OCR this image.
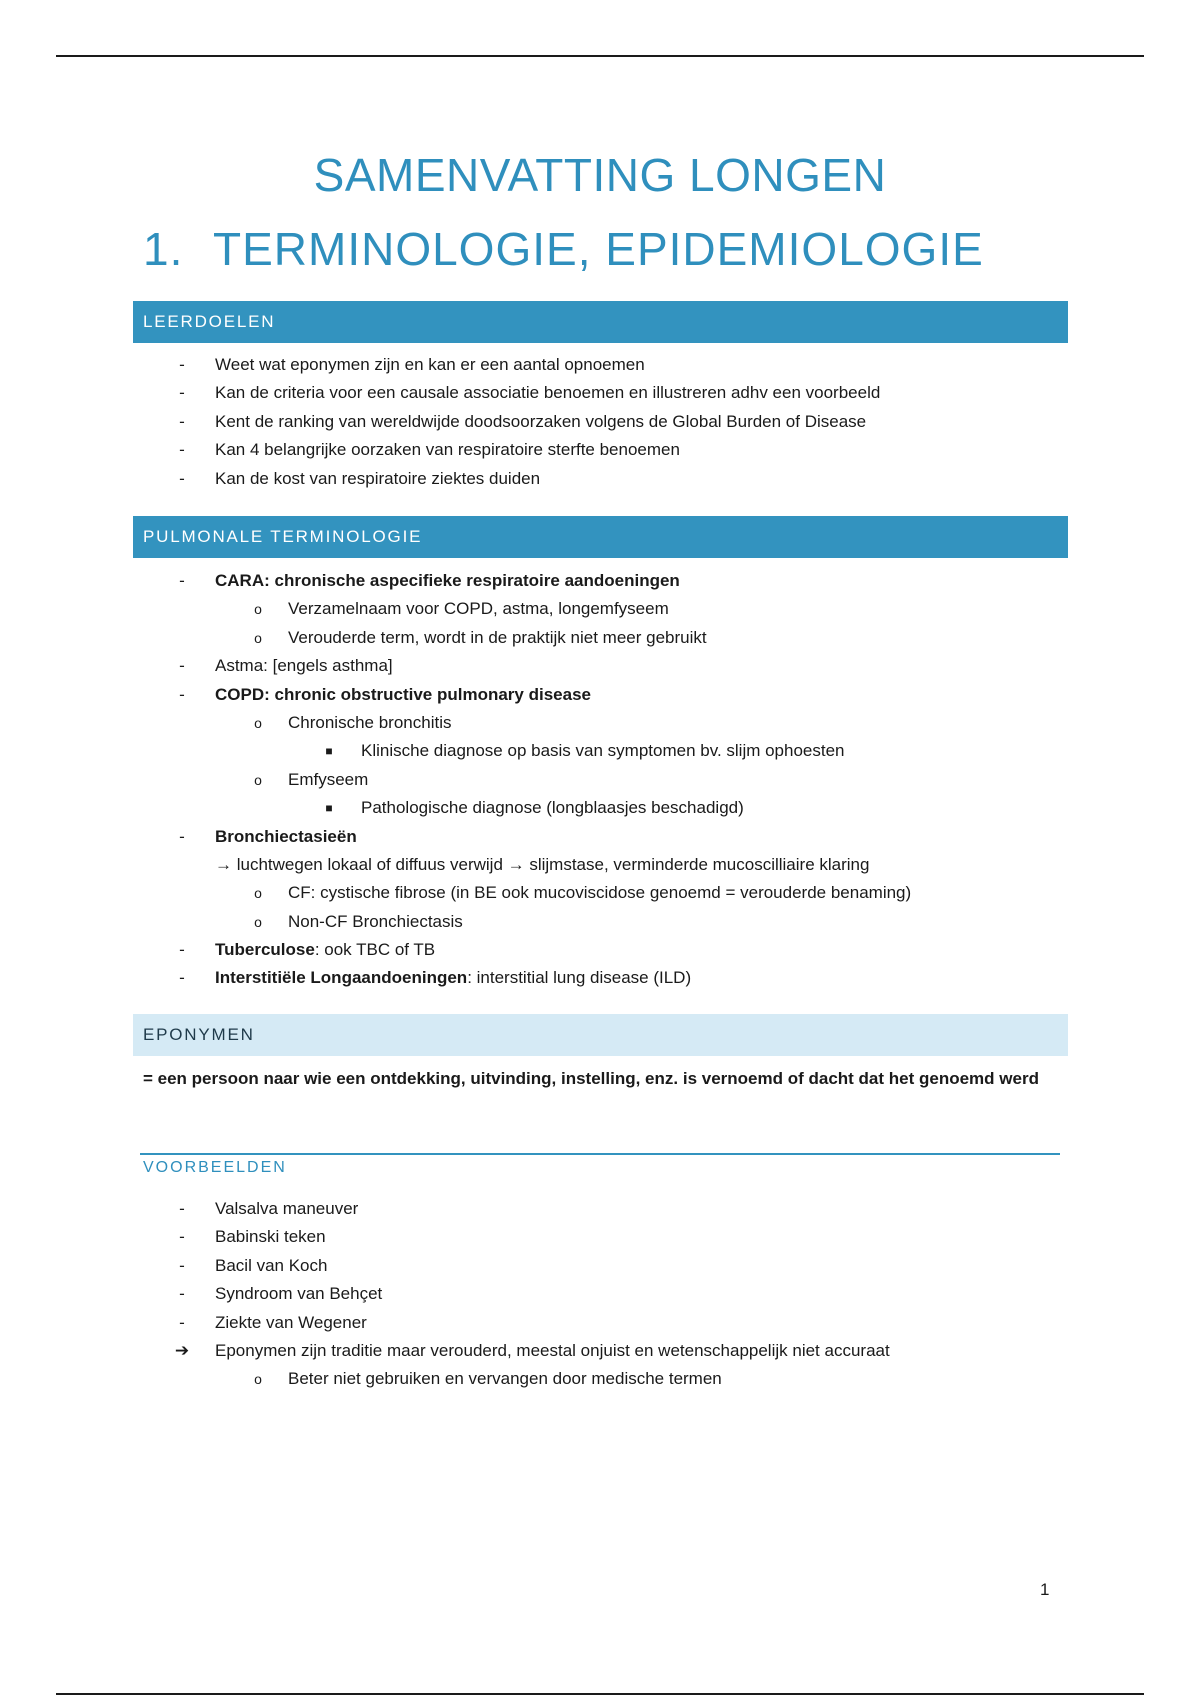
SAMENVATTING LONGEN
1. TERMINOLOGIE, EPIDEMIOLOGIE
LEERDOELEN
-	Weet wat eponymen zijn en kan er een aantal opnoemen
-	Kan de criteria voor een causale associatie benoemen en illustreren adhv een voorbeeld
-	Kent de ranking van wereldwijde doodsoorzaken volgens de Global Burden of Disease
-	Kan 4 belangrijke oorzaken van respiratoire sterfte benoemen
-	Kan de kost van respiratoire ziektes duiden
PULMONALE TERMINOLOGIE
-	CARA: chronische aspecifieke respiratoire aandoeningen
o	Verzamelnaam voor COPD, astma, longemfyseem
o	Verouderde term, wordt in de praktijk niet meer gebruikt
-	Astma: [engels asthma]
-	COPD: chronic obstructive pulmonary disease
o	Chronische bronchitis
■	Klinische diagnose op basis van symptomen bv. slijm ophoesten
o	Emfyseem
■	Pathologische diagnose (longblaasjes beschadigd)
-	Bronchiectasieën
→ luchtwegen lokaal of diffuus verwijd → slijmstase, verminderde mucoscilliaire klaring
o	CF: cystische fibrose (in BE ook mucoviscidose genoemd = verouderde benaming)
o	Non-CF Bronchiectasis
-	Tuberculose: ook TBC of TB
-	Interstitiële Longaandoeningen: interstitial lung disease (ILD)
EPONYMEN
= een persoon naar wie een ontdekking, uitvinding, instelling, enz. is vernoemd of dacht dat het genoemd werd
VOORBEELDEN
-	Valsalva maneuver
-	Babinski teken
-	Bacil van Koch
-	Syndroom van Behçet
-	Ziekte van Wegener
➔ Eponymen zijn traditie maar verouderd, meestal onjuist en wetenschappelijk niet accuraat
o	Beter niet gebruiken en vervangen door medische termen
1
